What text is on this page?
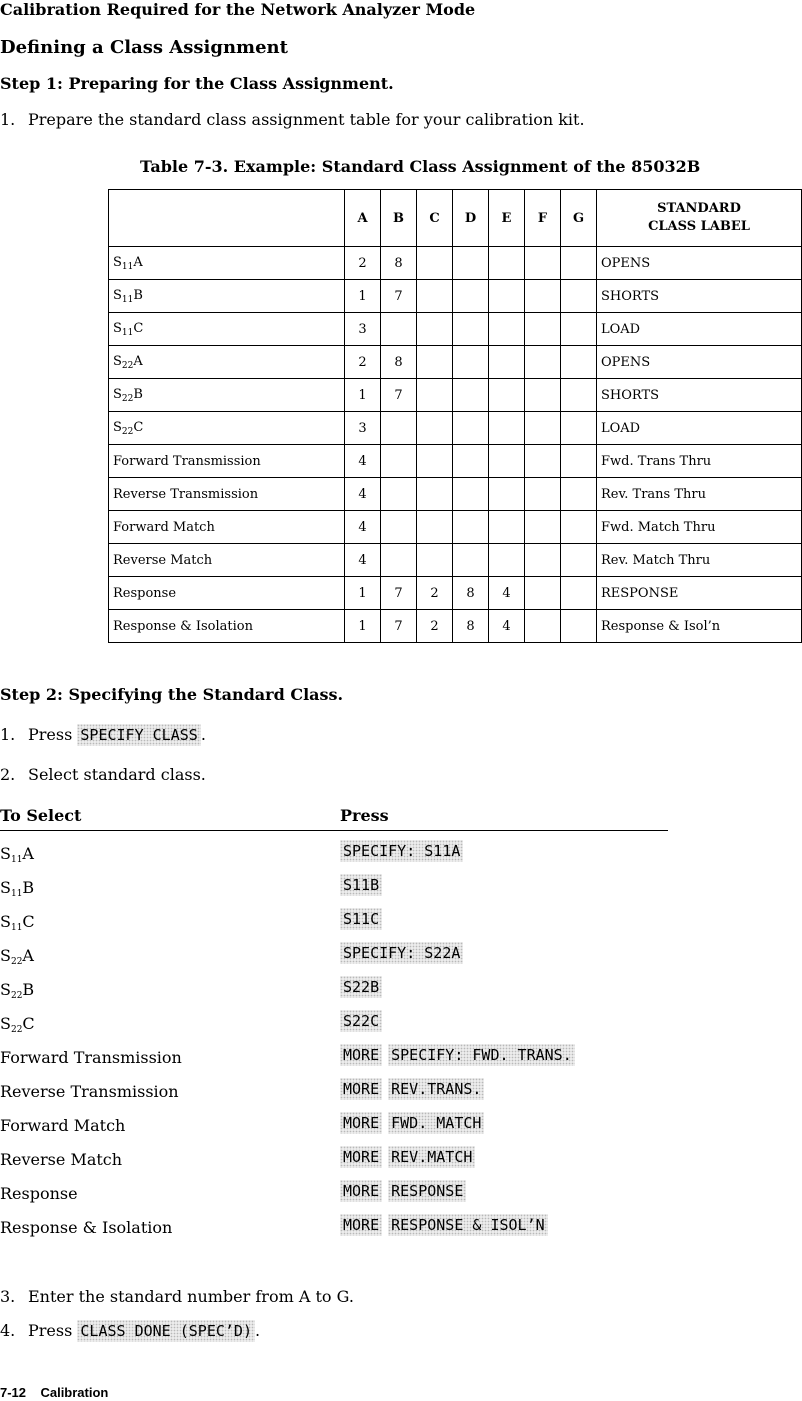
Calibration Required for the Network Analyzer Mode
Defining a Class Assignment
Step 1: Preparing for the Class Assignment.
1. Prepare the standard class assignment table for your calibration kit.
Table 7-3. Example: Standard Class Assignment of the 85032B
	A	B	C	D	E	F	G	STANDARD
CLASS LABEL
$S_{11}A$	2	8						OPENS
$S_{11}B$	1	7						SHORTS
$S_{11}C$	3							LOAD
$S_{22}A$	2	8						OPENS
$S_{22}B$	1	7						SHORTS
$S_{22}C$	3							LOAD
Forward Transmission	4							Fwd. Trans Thru
Reverse Transmission	4							Rev. Trans Thru
Forward Match	4							Fwd. Match Thru
Reverse Match	4							Rev. Match Thru
Response	1	7	2	8	4			RESPONSE
Response & Isolation	1	7	2	8	4			Response & Isol’n
Step 2: Specifying the Standard Class.
1. Press SPECIFY CLASS .
2. Select standard class.
To Select	Press
$S_{11}A$	SPECIFY: S11A
$S_{11}B$	S11B
$S_{11}C$	S11C
$S_{22}A$	SPECIFY: S22A
$S_{22}B$	S22B
$S_{22}C$	S22C
Forward Transmission	MORE SPECIFY: FWD. TRANS.
Reverse Transmission	MORE REV.TRANS.
Forward Match	MORE FWD. MATCH
Reverse Match	MORE REV.MATCH
Response	MORE RESPONSE
Response & Isolation	MORE RESPONSE & ISOL’N
3. Enter the standard number from A to G.
4. Press CLASS DONE (SPEC’D) .
7-12    Calibration
